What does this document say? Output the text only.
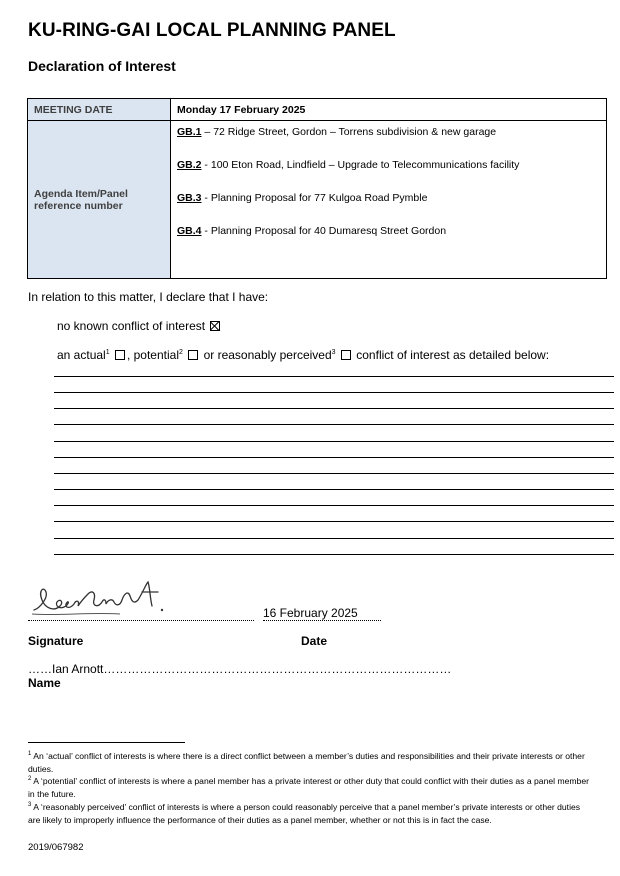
KU-RING-GAI LOCAL PLANNING PANEL
Declaration of Interest
MEETING DATE	Monday 17 February 2025
Agenda Item/Panel reference number	GB.1 – 72 Ridge Street, Gordon – Torrens subdivision & new garage
GB.2 - 100 Eton Road, Lindfield – Upgrade to Telecommunications facility
GB.3 - Planning Proposal for 77 Kulgoa Road Pymble
GB.4 - Planning Proposal for 40 Dumaresq Street Gordon
In relation to this matter, I declare that I have:
no known conflict of interest
an actual$^1$ , potential$^2$  or reasonably perceived$^3$  conflict of interest as detailed below:
16 February 2025
Signature	Date
……Ian Arnott……………………………………………………………………………
Name
$^1$ An ‘actual’ conflict of interests is where there is a direct conflict between a member’s duties and responsibilities and their private interests or other duties.
$^2$ A ‘potential’ conflict of interests is where a panel member has a private interest or other duty that could conflict with their duties as a panel member in the future.
$^3$ A ‘reasonably perceived’ conflict of interests is where a person could reasonably perceive that a panel member’s private interests or other duties are likely to improperly influence the performance of their duties as a panel member, whether or not this is in fact the case.
2019/067982
